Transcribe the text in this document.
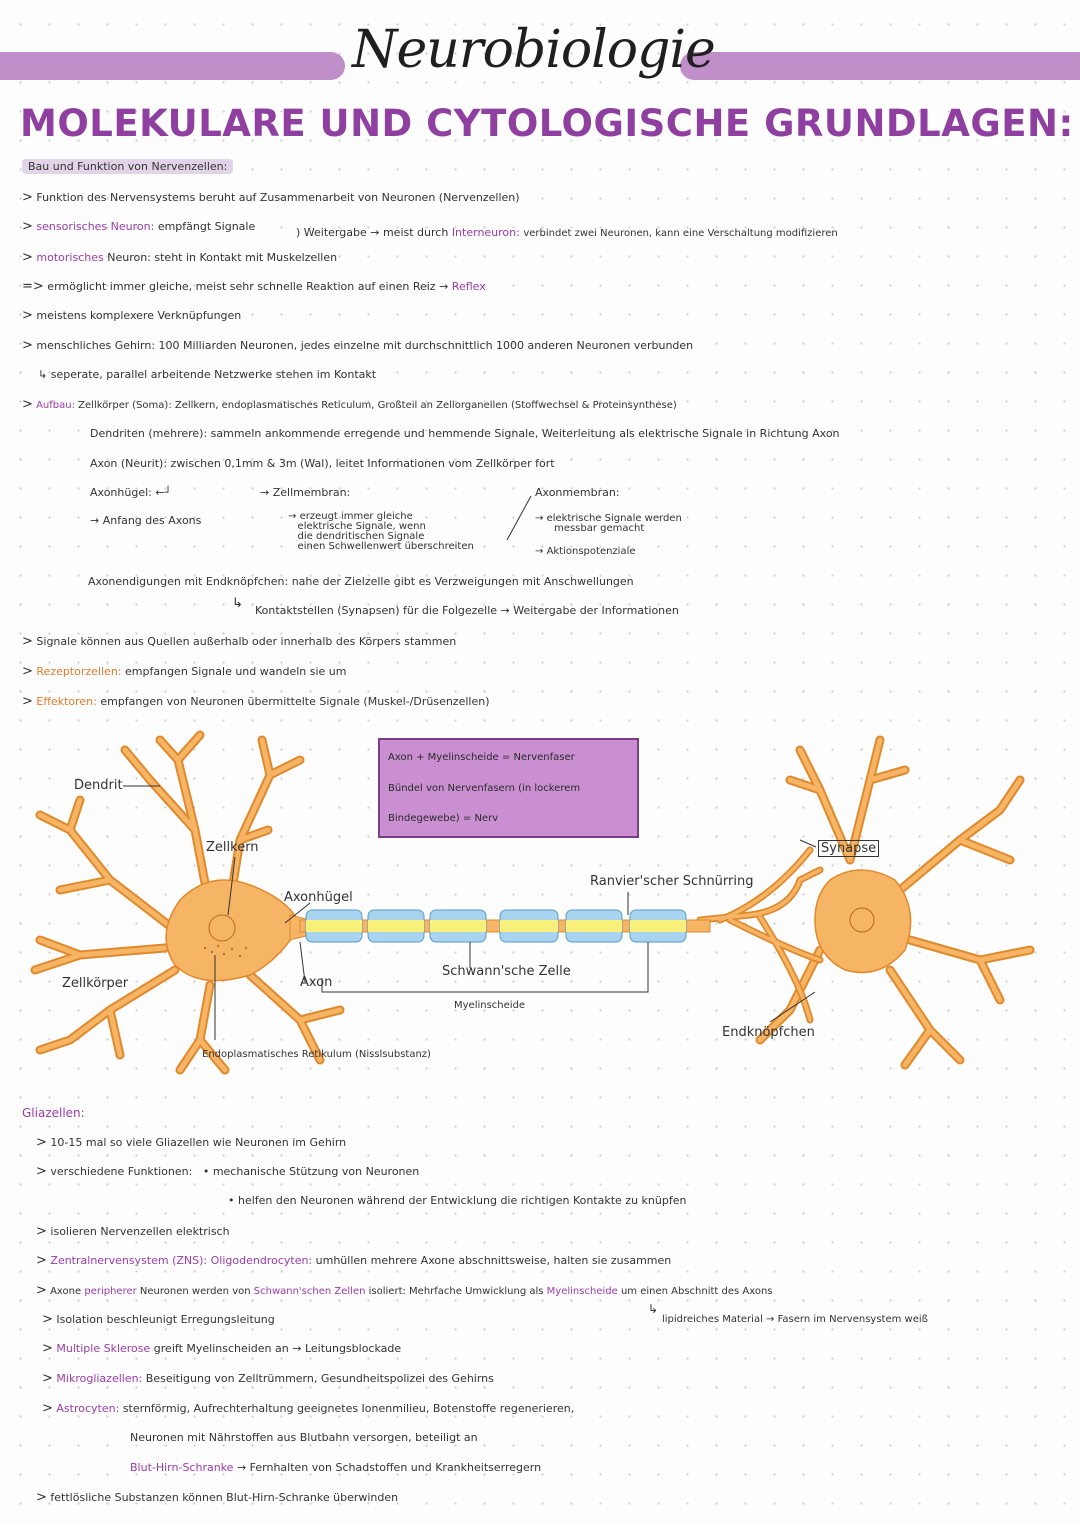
Neurobiologie
MOLEKULARE UND CYTOLOGISCHE GRUNDLAGEN:
Bau und Funktion von Nervenzellen:
> Funktion des Nervensystems beruht auf Zusammenarbeit von Neuronen (Nervenzellen)
> sensorisches Neuron: empfängt Signale	) Weitergabe → meist durch Interneuron: verbindet zwei Neuronen, kann eine Verschaltung modifizieren
> motorisches Neuron: steht in Kontakt mit Muskelzellen
=> ermöglicht immer gleiche, meist sehr schnelle Reaktion auf einen Reiz → Reflex
> meistens komplexere Verknüpfungen
> menschliches Gehirn: 100 Milliarden Neuronen, jedes einzelne mit durchschnittlich 1000 anderen Neuronen verbunden
↳ seperate, parallel arbeitende Netzwerke stehen im Kontakt
> Aufbau: Zellkörper (Soma): Zellkern, endoplasmatisches Reticulum, Großteil an Zellorganellen (Stoffwechsel & Proteinsynthese)
Dendriten (mehrere): sammeln ankommende erregende und hemmende Signale, Weiterleitung als elektrische Signale in Richtung Axon
Axon (Neurit): zwischen 0,1mm & 3m (Wal), leitet Informationen vom Zellkörper fort
Axonhügel: ←┘	→ Zellmembran:	Axonmembran:
→ Anfang des Axons	→ erzeugt immer gleiche
elektrische Signale, wenn
die dendritischen Signale
einen Schwellenwert überschreiten
→ elektrische Signale werden
messbar gemacht
→ Aktionspotenziale
Axonendigungen mit Endknöpfchen: nahe der Zielzelle gibt es Verzweigungen mit Anschwellungen
↳ Kontaktstellen (Synapsen) für die Folgezelle → Weitergabe der Informationen
> Signale können aus Quellen außerhalb oder innerhalb des Körpers stammen
> Rezeptorzellen: empfangen Signale und wandeln sie um
> Effektoren: empfangen von Neuronen übermittelte Signale (Muskel-/Drüsenzellen)
Axon + Myelinscheide = Nervenfaser
Bündel von Nervenfasern (in lockerem
Bindegewebe) = Nerv
Dendrit
Zellkern
Axonhügel
Zellkörper	Axon
Schwann'sche Zelle
Myelinscheide
Ranvier'scher Schnürring
Synapse
Endknöpfchen
Endoplasmatisches Retikulum (Nisslsubstanz)
Gliazellen:
> 10-15 mal so viele Gliazellen wie Neuronen im Gehirn
> verschiedene Funktionen: • mechanische Stützung von Neuronen
• helfen den Neuronen während der Entwicklung die richtigen Kontakte zu knüpfen
> isolieren Nervenzellen elektrisch
> Zentralnervensystem (ZNS): Oligodendrocyten: umhüllen mehrere Axone abschnittsweise, halten sie zusammen
> Axone peripherer Neuronen werden von Schwann'schen Zellen isoliert: Mehrfache Umwicklung als Myelinscheide um einen Abschnitt des Axons
> Isolation beschleunigt Erregungsleitung
↳
lipidreiches Material → Fasern im Nervensystem weiß
> Multiple Sklerose greift Myelinscheiden an → Leitungsblockade
> Mikrogliazellen: Beseitigung von Zelltrümmern, Gesundheitspolizei des Gehirns
> Astrocyten: sternförmig, Aufrechterhaltung geeignetes Ionenmilieu, Botenstoffe regenerieren,
Neuronen mit Nährstoffen aus Blutbahn versorgen, beteiligt an
Blut-Hirn-Schranke → Fernhalten von Schadstoffen und Krankheitserregern
> fettlösliche Substanzen können Blut-Hirn-Schranke überwinden
